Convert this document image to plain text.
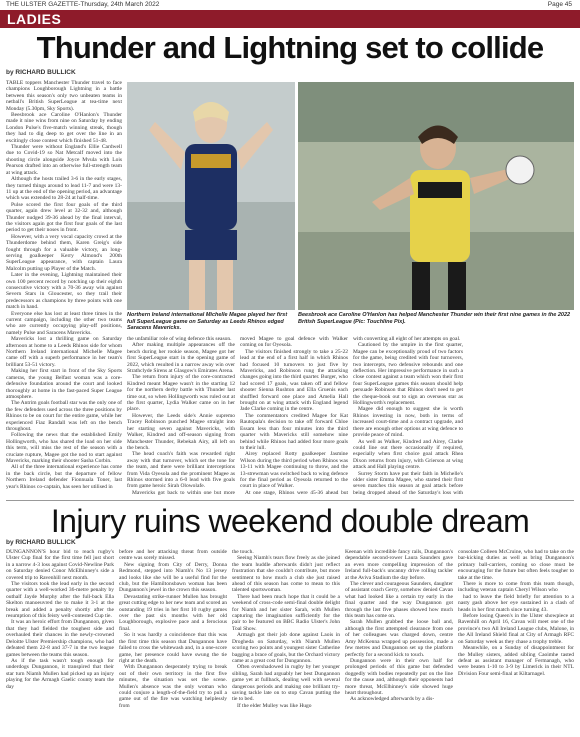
THE ULSTER GAZETTE-Thursday, 24th March 2022	Page 45
LADIES
Thunder and Lightning set to collide
by RICHARD BULLICK

TABLE toppers Manchester Thunder travel to face champions Loughborough Lightning in a battle between this season's only two unbeaten teams in netball's British SuperLeague at tea-time next Monday (5.30pm, Sky Sports).

Beesbrook ace Caroline O'Hanlon's Thunder made it nine wins from nine on Saturday by ending London Pulse's five-match winning streak, though they had to dig deep to get over the line in an excitingly close contest which finished 51-48.

Thunder were without England's Ellie Cardwell due to Covid-19 so Nat Metcalf moved into the shooting circle alongside Joyce Mvula with Lois Pearson drafted into an otherwise full-strength team at wing attack.

Although the hosts trailed 3-6 in the early stages, they turned things around to lead 11-7 and were 13-11 up at the end of the opening period, an advantage which was extended to 28-24 at half-time.

Pulse scored the first four goals of the third quarter, again drew level at 32-32 and, although Thunder nudged 39-36 ahead by the final interval, the visitors again got the first four goals of the last period to get their noses in front.

However, with a very vocal capacity crowd at the Thunderdome behind them, Karen Greig's side fought through for a valuable victory, an long-serving goalkeeper Kerry Almond's 200th SuperLeague appearance, with captain Laura Malcolm putting up Player of the Match.

Later in the evening, Lightning maintained their own 100 percent record by notching up their eighth consecutive victory with a 70-36 away win against Severn Stars in Gloucester, so they trail their predecessors as champions by three points with one match in hand.

Everyone else has lost at least three times in the current campaign, including the other two teams who are currently occupying play-off positions, namely Pulse and Saracens Mavericks.

Mavericks lost a thrilling game on Saturday afternoon at home to a Leeds Rhinos side for whom Northern Ireland international Michelle Magee came off with a superb performance in her team's brilliant 53-51 victory.

Making her first start in front of the Sky Sports cameras, the young Belfast woman was a core-defensive foundation around the court and looked thoroughly at home in the fast-paced Super League atmosphere.

The Antrim goals football star was the only one of the few defenders used across the three positions by Rhinos to be on court for the entire game, while her experienced Fiaz Randall was left on the bench throughout.

Following the news that the established Emily Hollingworth, who has shared the load on her side this term, will miss the rest of the season with a cruciate rupture, Magee got the nod to start against Mavericks, marking their shooter Sasha Corbin.

All of the three international experience has come in the back circle, but the departure of fellow Northern Ireland defender Fionnuala Toner, last year's Rhinos co-captain, has seen her utilised in

Northern Ireland international Michelle Magee played her first full SuperLeague game on Saturday as Leeds Rhinos edged Saracens Mavericks.
Beesbrook ace Caroline O'Hanlon has helped Manchester Thunder win their first nine games in the 2022 British SuperLeague (Pic: Touchline Pix).

the unfamiliar role of wing defence this season.

After making multiple appearances off the bench during her rookie season, Magee got her first SuperLeague start in the opening game of 2022, which resulted in a narrow away win over Strathclyde Sirens at Glasgow's Emirates Arena.

The return from injury of the core-contracted Kindred meant Magee wasn't in the starting 12 for the northern derby battle with Thunder last time out, so when Hollingworth was ruled out at the first quarter, Lydia Walker came on in her place.

However, the Leeds side's Annie supremo Tracey Robinson punched Magee straight into her starting seven against Mavericks, with Walker, Kindred and off-season signing from Manchester Thunder, Rebekah Airy, all left on the bench.

The head coach's faith was rewarded right away with that turnover, which set the tone for the team, and there were brilliant interceptions from Vida Oyesola and the prominent Magee as Rhinos stormed into a 6-0 lead with five goals from game heroic Sirah Olowolafe.

Mavericks got back to within one but more

moved Magee to goal defence with Walker coming on for Oyesola.

The visitors finished strongly to take a 25-22 lead at the end of a first half in which Rhinos had focused 10 turnovers to just five by Mavericks, and Robinson rung the attacking changes going into the third quarter. Burger, who had scored 17 goals, was taken off and fellow shooter Sienna Rushton and Ella Gruenis each shuffled forward one place and Amelia Hall brought on at wing attack with England legend Jade Clarke coming in the centre.

The commentators credited Magee for Kat Rautopala's decision to take off forward Chloe Essam less than four minutes into the third quarter with Mavericks still somehow nine behind while Rhinos had added four more goals to their lull.

Airey replaced Rotty goalkeeper Jasmine Wilson during the third period when Rhinos was 13-11 with Magee continuing to throw, and the 13-strewman was switched back to wing defence for the final period as Oyesola returned to the court in place of Walker.

At one stage, Rhinos were 45-36 ahead but

with converting all eight of her attempts on goal.

Cautioned by the umpire in the first quarter, Magee can be exceptionally proud of two factors for the game, being credited with four turnovers, two intercepts, two defensive rebounds and one deflection. Her impressive performance in such a close contest against a team which won their first four SuperLeague games this season should help persuade Robinson that Rhinos don't need to get the cheque-book out to sign an overseas star as Hollingworth's replacement.

Magee did enough to suggest she is worth Rhinos investing in now, both in terms of increased court-time and a contract upgrade, and there are enough other options at wing defence to provide peace of mind.

As well as Walker, Kindred and Airey, Clarke could line out there occasionally if required, especially when first choice goal attack Rhea Dixon returns from injury, with Grierson at wing attack and Hall playing centre.

Surrey Storm have put their faith in Michelle's older sister Emma Magee, who started their first seven matches this season at goal attack before being dropped ahead of the Saturday's loss with

Injury ruins weekend double dream
by RICHARD BULLICK

DUNGANNON'S hour bid to reach rugby's Ulster Cup final for the first time fell just short in a narrow 4-3 loss against Covid-Newline Park on Saturday denied Conor McElhinney's side a covered trip to Ravenhill next month.

The visitors took the lead early in the second quarter with a well-worked 36-metre penalty by outhalf Jayde Murphy after the full-back Ella Skelton manoeuvred the to make it 3-1 at the break and added a penalty shortly after the resumption of this feisty well-contested Cup tie.

It was an heroic effort from Dungannon, given that they had fielded the toughest side and overhauled their chances in the newly-crowned Deloitte Ulster Premiership champions, who had defeated them 22-8 and 37-7 in the two league games between the teams this season.

As if the task wasn't tough enough for underdogs Dungannon, it transpired that their star turn Niamh Mullen had picked up an injury playing for the Armagh Gaelic county team the day

before and her attacking threat from outside centre was sorely missed.

New signing from City of Derry, Donna Redmond, stepped into Niamh's No 13 jersey and looks like she will be a useful find for the club, but the Hamiltonsbawn woman has been Dungannon's jewel in the crown this season.

Devastating strike-runner Mullen has brought great cutting edge to her new team and scored an outstanding 19 tries in her first 10 rugby games over the past six months with her old Loughborough, explosive pace and a ferocious final.

So it was hardly a coincidence that this was the first time this season that Dungannon have failed to cross the whitewash and, in a one-score game, her presence could have swung the tie right at the death.

With Dungannon desperately trying to break out of their own territory in the first five minutes, the situation was set the scene. Mullen's absence was the only woman who could conjure a length-of-the-field try to pull a game out of the fire was watching helplessly from

the touch.

Seeing Niamh's tears flow freely as she joined the team huddle afterwards didn't just reflect frustration that she couldn't contribute, but more sentiment to how much a club she just raised ahead of this season has come to mean to this talented sportswoman.

There had been much hope that it could be a weekend of cross-code semi-final double delight for Niamh and her sister Sarah, with Mullen capturing the imagination sufficiently for the pair to be featured on BBC Radio Ulster's John Toal Show.

Armagh got their job done against Laois in Drogheda on Saturday, with Niamh Mullen scoring two points and youngest sister Catherine bagging a brace of goals, but the Orchard victory came at a great cost for Dungannon.

Often overshadowed in rugby by her younger sibling, Sarah had arguably her best Dungannon game yet at fullback, dealing well with several dangerous periods and making one brilliant try-saving tackle late on to stop Cavan putting the tie to bed.

If the elder Mulley was like Hugo

Keenan with incredible fancy rails, Dungannon's dependable second-rower Laura Saunders gave an even more compelling impression of the Ireland full-back's uncanny drive rolling tackler at the Aviva Stadium the day before.

The clever and courageous Saunders, daughter of assistant coach Gerry, somehow denied Cavan what had looked like a certain try early in the final quarter and the way Dungannon got through the last five phases showed how much this team has come on.

Sarah Mullen grabbed the loose ball and, although the first attempted clearance from one of her colleagues was charged down, centre Amy McKenna wrapped up possession, made a few metres and Dungannon set up the platform perfectly for a second kick to touch.

Dungannon were in their own half for prolonged periods of this game but defended doggedly with bodies repeatedly put on the line for the cause and, although their opponents had more threat, McElhinney's side showed huge heart throughout.

As acknowledged afterwards by a dis-

consolate Colleen McCruine, who had to take on the bar-kicking duties as well as bring Dungannon's primary ball-carriers, coming so close must be encouraging for the future but often feels tougher to take at the time.

There is more to come from this team though, including veteran captain Cheryl Wilson who

had to leave the field briefly for attention to a nasty gash above her eye sustained in a clash of heads in her first match since turning 43.

Before losing Queen's in the Ulster showpiece at Ravenhill on April 16, Cavan will meet one of the province's two All Ireland League clubs, Malone, in the All Ireland Shield final at City of Armagh RFC on Saturday week as they chase a trophy treble.

Meanwhile, on a Sunday of disappointment for the Mulley sisters, added sibling Caoimhe tasted defeat as assistant manager of Fermanagh, who were beaten 1-10 to 3-9 by Limerick in their NTL Division Four semi-final at Kiltarnagel.
